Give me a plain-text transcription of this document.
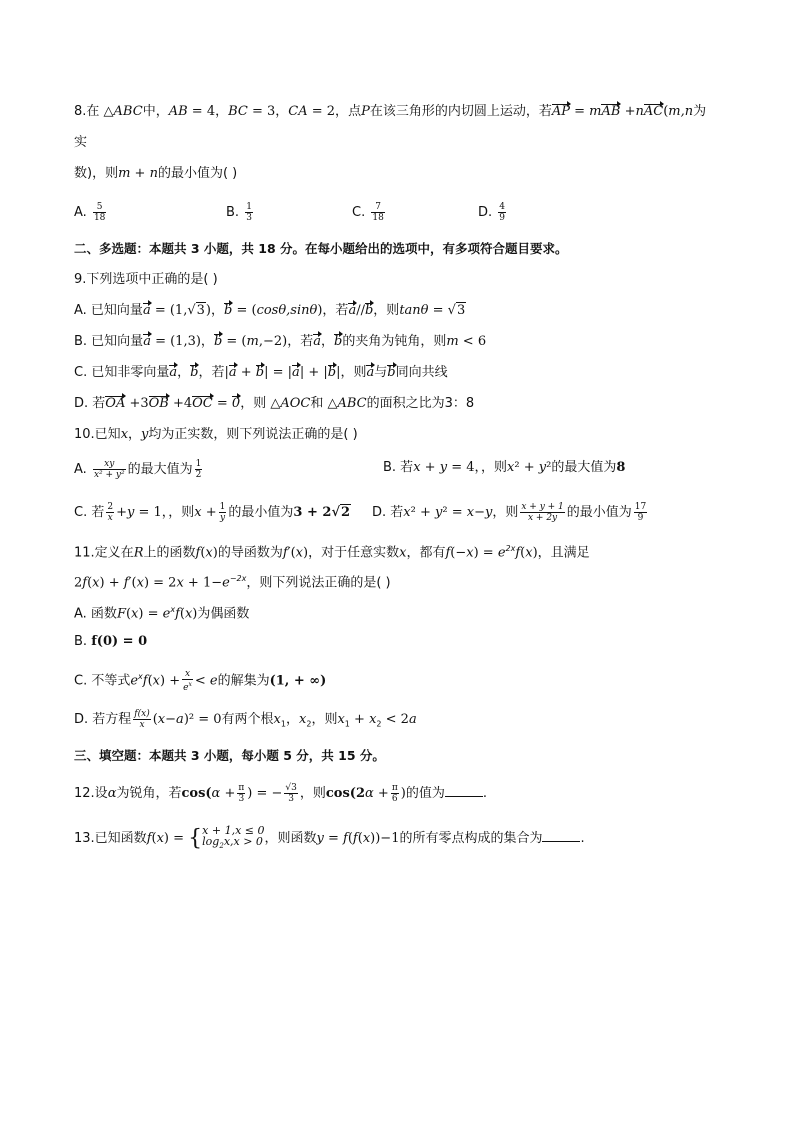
8.在 △ABC中，AB = 4，BC = 3，CA = 2，点P在该三角形的内切圆上运动，若AP = mAB +nAC(m,n为
实
数)，则m + n的最小值为( )
A. $\frac{5}{18}$	B. $\frac{1}{3}$	C. $\frac{7}{18}$	D. $\frac{4}{9}$
二、多选题：本题共 3 小题，共 18 分。在每小题给出的选项中，有多项符合题目要求。
9.下列选项中正确的是( )
A. 已知向量a = (1,√3)，b = (cosθ,sinθ)，若a//b，则tanθ = √3
B. 已知向量a = (1,3)，b = (m,−2)，若a，b的夹角为钝角，则m < 6
C. 已知非零向量a，b，若|a + b| = |a| + |b|，则a与b同向共线
D. 若OA +3OB +4OC = 0，则 △AOC和 △ABC的面积之比为3：8
10.已知x，y均为正实数，则下列说法正确的是( )
A. $\frac{xy}{\text{x² + y²}}$ 的最大值为 $\frac{1}{2}$	B. 若x + y = 4，，则x² + y²的最大值为8
C. 若 $\frac{2}{x} +y = 1$，，则$x + \frac{1}{y}$ 的最小值为3 + 2√2 D. 若x² + y² = x−y，则 $\frac{x + y + 1}{x + 2y}$ 的最小值为 $\frac{17}{9}$
11.定义在R上的函数f(x)的导函数为f′(x)，对于任意实数x，都有$f(-x) = e^{2x}f(x)$，且满足
$2f(x) + f'(x) = 2x + 1-e^{-2x}$，则下列说法正确的是( )
A. 函数$F(x) = e^xf(x)$为偶函数
B. f(0) = 0
C. 不等式$e^xf(x) + \frac{x}{e^x} < e$的解集为(1, + ∞)
D. 若方程 $\frac{f(x)}{x} (x-a)^2 = 0$有两个根$x_1$，$x_2$，则$x_1 + x_2 < 2a$
三、填空题：本题共 3 小题，每小题 5 分，共 15 分。
12.设α为锐角，若$\cos(\alpha + \frac{\pi}{3}$ ) = − $\frac{√3}{3}$ ，则$\cos(2\alpha + \frac{\pi}{6}$ )的值为	.
13.已知函数f(x) = { x + 1,x ≤ 0
$\log_2x,x > 0$ ，则函数y = f(f(x))−1的所有零点构成的集合为	.
